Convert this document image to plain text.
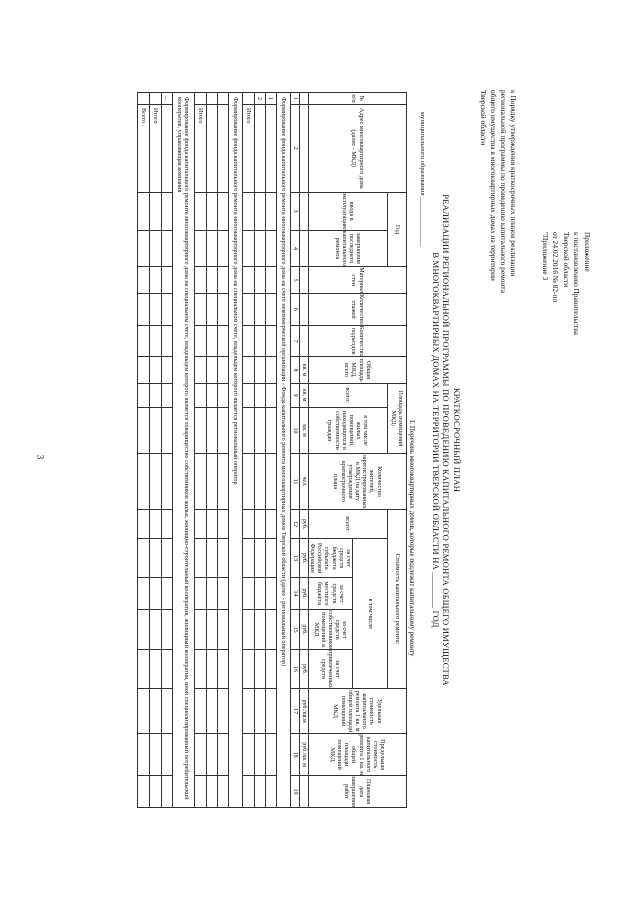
3
Приложение
к постановлению Правительства
Тверской области
от 24.02.2016 № 82-пп
"Приложение 3
к Порядку утверждения краткосрочных планов реализации региональной программы по проведению капитального ремонта общего имущества в многоквартирных домах на территории Тверской области
КРАТКОСРОЧНЫЙ ПЛАН
РЕАЛИЗАЦИИ РЕГИОНАЛЬНОЙ ПРОГРАММЫ ПО ПРОВЕДЕНИЮ КАПИТАЛЬНОГО РЕМОНТА ОБЩЕГО ИМУЩЕСТВА
В МНОГОКВАРТИРНЫХ ДОМАХ НА ТЕРРИТОРИИ ТВЕРСКОЙ ОБЛАСТИ НА ________ ГОД
муниципального образования _______________
I. Перечень многоквартирных домов, которые подлежат капитальному ремонту
№ п/п	Адрес многоквартирного дома (далее - МКД)	Год		Материал стен	Количество этажей	Количество подъездов	Общая площадь МКД, всего	Площадь помещений МКД:		Количество жителей, зарегистрированных в МКД на дату утверждения краткосрочного плана	Стоимость капитального ремонта:					Удельная стоимость капитального ремонта 1 кв. м общей площади помещений МКД	Предельная стоимость капитального ремонта 1 кв. м общей площади помещений МКД	Плановая дата завершения работ
		ввода в эксплуатацию	завершения последнего капитального ремонта					всего:	в том числе жилых помещений, находящихся в собственности граждан		всего:	в том числе						
												за счет средств бюджета субъекта Российской Федерации	за счет средств местного бюджета	за счет средств собственников помещений в МКД	за счет привлеченных средств			
							кв. м	кв. м	кв. м	чел.	руб.	руб.	руб.	руб.	руб.	руб./кв.м	руб./кв. м	
1	2	3	4	5	6	7	8	9	10	11	12	13	14	15	16	17	18	19
Формирование фонда капитального ремонта многоквартирного дома на счете некоммерческой организации - Фонда капитального ремонта многоквартирных домов Тверской области (далее - региональный оператор)																		
1																		
2																		
	Итого																	
Формирование фонда капитального ремонта многоквартирного дома на специальном счете, владельцем которого является региональный оператор																		

	Итого																	
Формирование фонда капитального ремонта многоквартирного дома на специальном счете, владельцем которого является товарищество собственников жилья, жилищно-строительный кооператив, жилищный кооператив, иной специализированный потребительский кооператив, управляющая компания																		
...																		
	Итого																	
	Всего																	
